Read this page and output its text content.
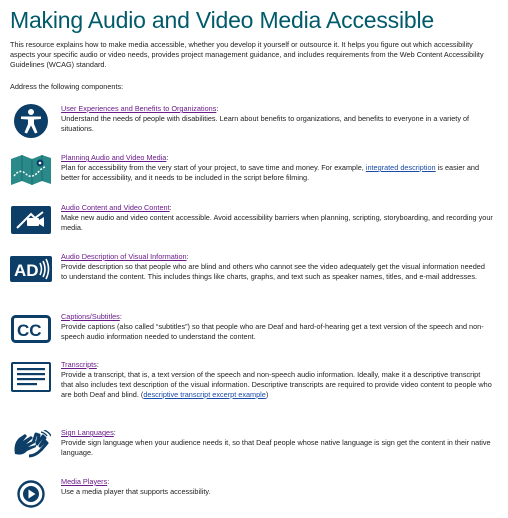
Making Audio and Video Media Accessible

This resource explains how to make media accessible, whether you develop it yourself or outsource it. It helps you figure out which accessibility aspects your specific audio or video needs, provides project management guidance, and includes requirements from the Web Content Accessibility Guidelines (WCAG) standard.

Address the following components:

User Experiences and Benefits to Organizations:
Understand the needs of people with disabilities. Learn about benefits to organizations, and benefits to everyone in a variety of situations.
Planning Audio and Video Media:
Plan for accessibility from the very start of your project, to save time and money. For example, integrated description is easier and better for accessibility, and it needs to be included in the script before filming.
Audio Content and Video Content:
Make new audio and video content accessible. Avoid accessibility barriers when planning, scripting, storyboarding, and recording your media.
AD
Audio Description of Visual Information:
Provide description so that people who are blind and others who cannot see the video adequately get the visual information needed to understand the content. This includes things like charts, graphs, and text such as speaker names, titles, and e-mail addresses.
CC
Captions/Subtitles:
Provide captions (also called “subtitles”) so that people who are Deaf and hard-of-hearing get a text version of the speech and non-speech audio information needed to understand the content.
Transcripts:
Provide a transcript, that is, a text version of the speech and non-speech audio information. Ideally, make it a descriptive transcript that also includes text description of the visual information. Descriptive transcripts are required to provide video content to people who are both Deaf and blind. (descriptive transcript excerpt example)
Sign Languages:
Provide sign language when your audience needs it, so that Deaf people whose native language is sign get the content in their native language.
Media Players:
Use a media player that supports accessibility.
